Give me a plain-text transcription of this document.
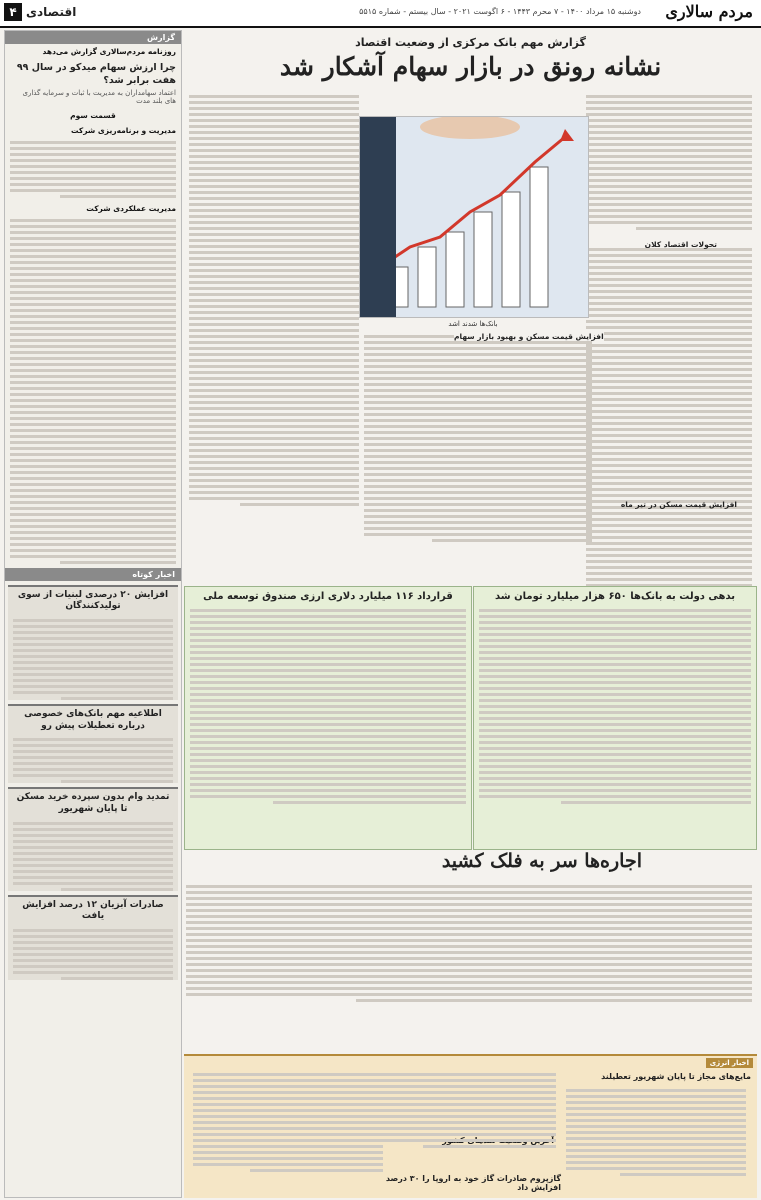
مردم سالاری
دوشنبه ۱۵ مرداد ۱۴۰۰ - ۷ محرم ۱۴۴۳ - ۶ اگوست ۲۰۲۱ - سال بیستم - شماره ۵۵۱۵
اقتصادی
۴
گزارش
روزنامه مردم‌سالاری گزارش می‌دهد
چرا ارزش سهام میدکو در سال ۹۹ هفت برابر شد؟
اعتماد سهامداران به مدیریت با ثبات و سرمایه گذاری های بلند مدت
قسمت سوم
مدیریت و برنامه‌ریزی شرکت
مدیریت عملکردی شرکت
اخبار کوتاه
افزایش ۲۰ درصدی لبنیات از سوی تولیدکنندگان
اطلاعیه مهم بانک‌های خصوصی درباره تعطیلات پیش رو
تمدید وام بدون سپرده خرید مسکن تا پایان شهریور
صادرات آبزیان ۱۲ درصد افزایش یافت
گزارش مهم بانک مرکزی از وضعیت اقتصاد
نشانه رونق در بازار سهام آشکار شد
تحولات اقتصاد کلان
افزایش قیمت مسکن در تیر ماه
بانک‌ها شدند اشد
افزایش قیمت مسکن و بهبود بازار سهام
بدهی دولت به بانک‌ها ۶۵۰ هزار میلیارد تومان شد
قرارداد ۱۱۶ میلیارد دلاری ارزی صندوق توسعه ملی
اجاره‌ها سر به فلک کشید
اخبار انرژی
مایع‌های مجاز تا پایان شهریور تعطیلند
گازپروم صادرات گاز خود به اروپا را ۳۰ درصد افزایش داد
